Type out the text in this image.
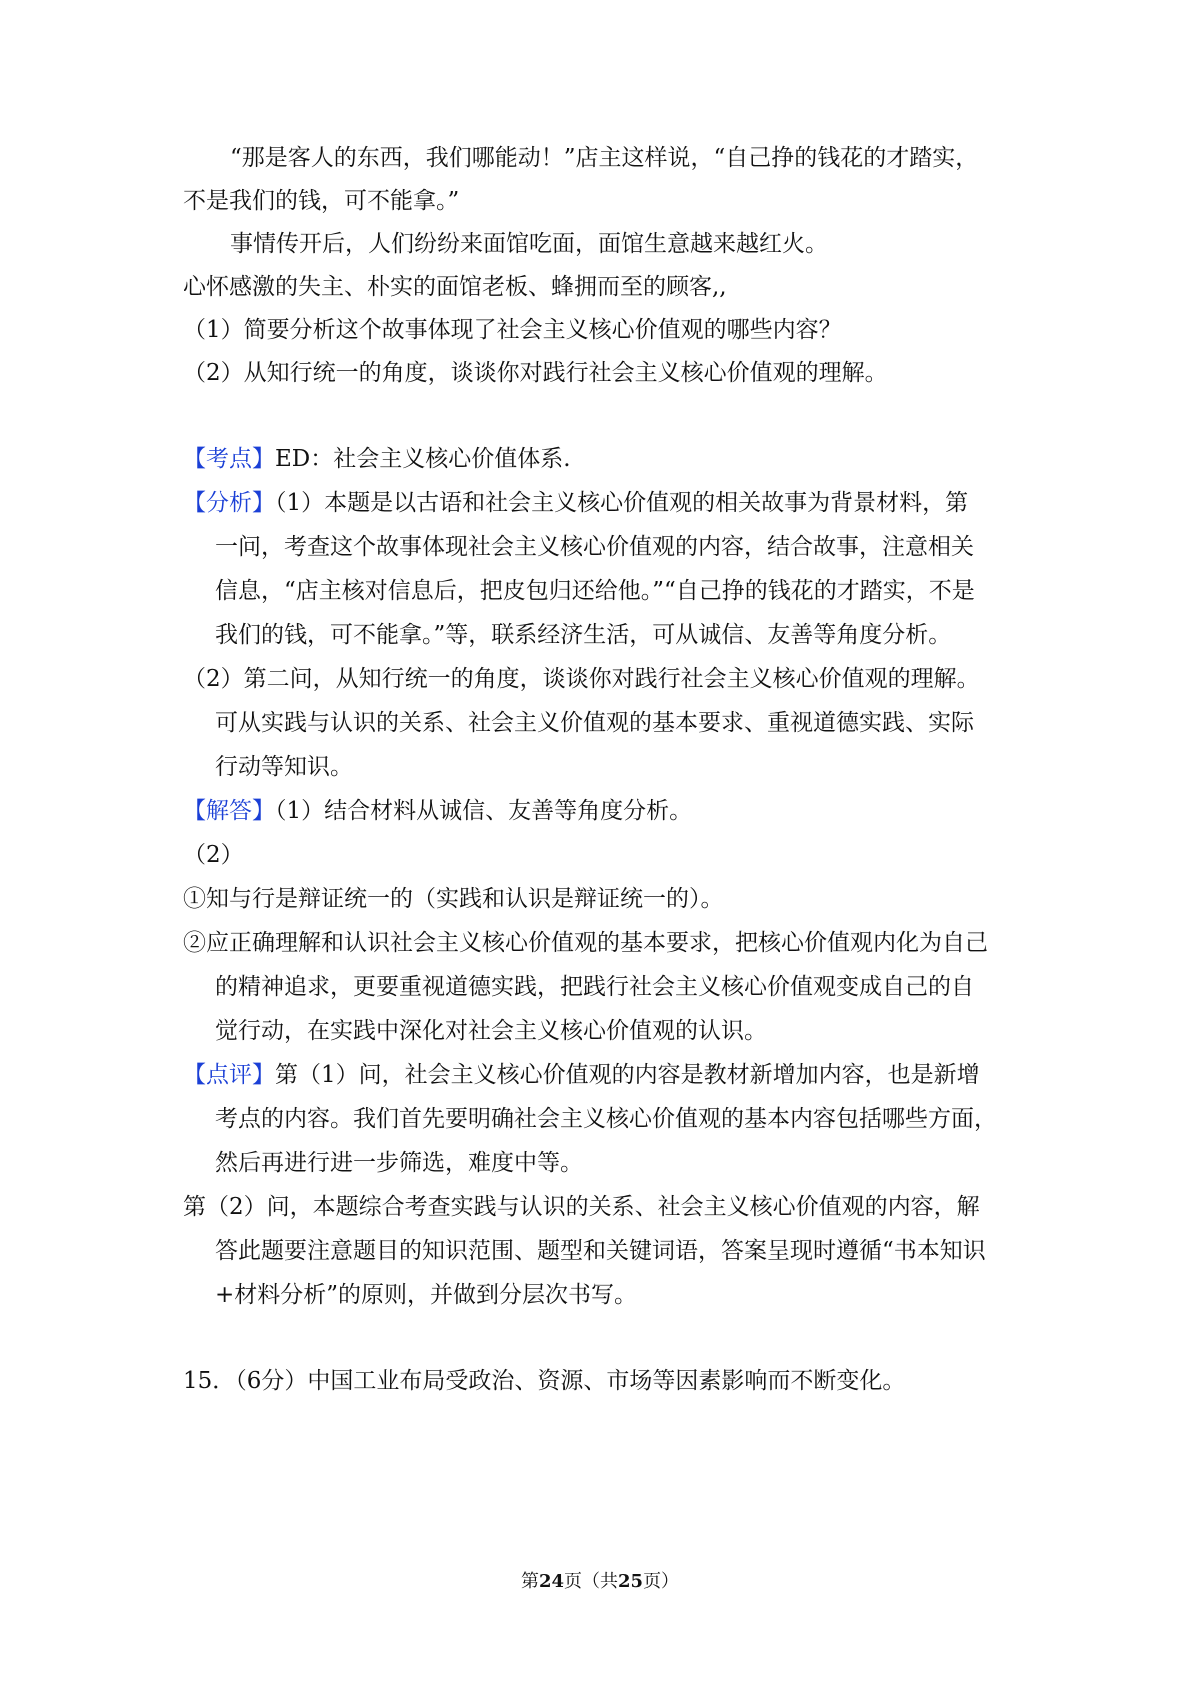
“那是客人的东西，我们哪能动！”店主这样说，“自己挣的钱花的才踏实，
不是我们的钱，可不能拿。”
事情传开后，人们纷纷来面馆吃面，面馆生意越来越红火。
心怀感激的失主、朴实的面馆老板、蜂拥而至的顾客,,
（1）简要分析这个故事体现了社会主义核心价值观的哪些内容？
（2）从知行统一的角度，谈谈你对践行社会主义核心价值观的理解。
【考点】ED：社会主义核心价值体系.
【分析】（1）本题是以古语和社会主义核心价值观的相关故事为背景材料，第
一问，考查这个故事体现社会主义核心价值观的内容，结合故事，注意相关
信息，“店主核对信息后，把皮包归还给他。”“自己挣的钱花的才踏实，不是
我们的钱，可不能拿。”等，联系经济生活，可从诚信、友善等角度分析。
（2）第二问，从知行统一的角度，谈谈你对践行社会主义核心价值观的理解。
可从实践与认识的关系、社会主义价值观的基本要求、重视道德实践、实际
行动等知识。
【解答】（1）结合材料从诚信、友善等角度分析。
（2）
①知与行是辩证统一的（实践和认识是辩证统一的）。
②应正确理解和认识社会主义核心价值观的基本要求，把核心价值观内化为自己
的精神追求，更要重视道德实践，把践行社会主义核心价值观变成自己的自
觉行动，在实践中深化对社会主义核心价值观的认识。
【点评】第（1）问，社会主义核心价值观的内容是教材新增加内容，也是新增
考点的内容。我们首先要明确社会主义核心价值观的基本内容包括哪些方面，
然后再进行进一步筛选，难度中等。
第（2）问，本题综合考查实践与认识的关系、社会主义核心价值观的内容，解
答此题要注意题目的知识范围、题型和关键词语，答案呈现时遵循“书本知识
+材料分析”的原则，并做到分层次书写。
15．（6分）中国工业布局受政治、资源、市场等因素影响而不断变化。
第24页（共25页）
